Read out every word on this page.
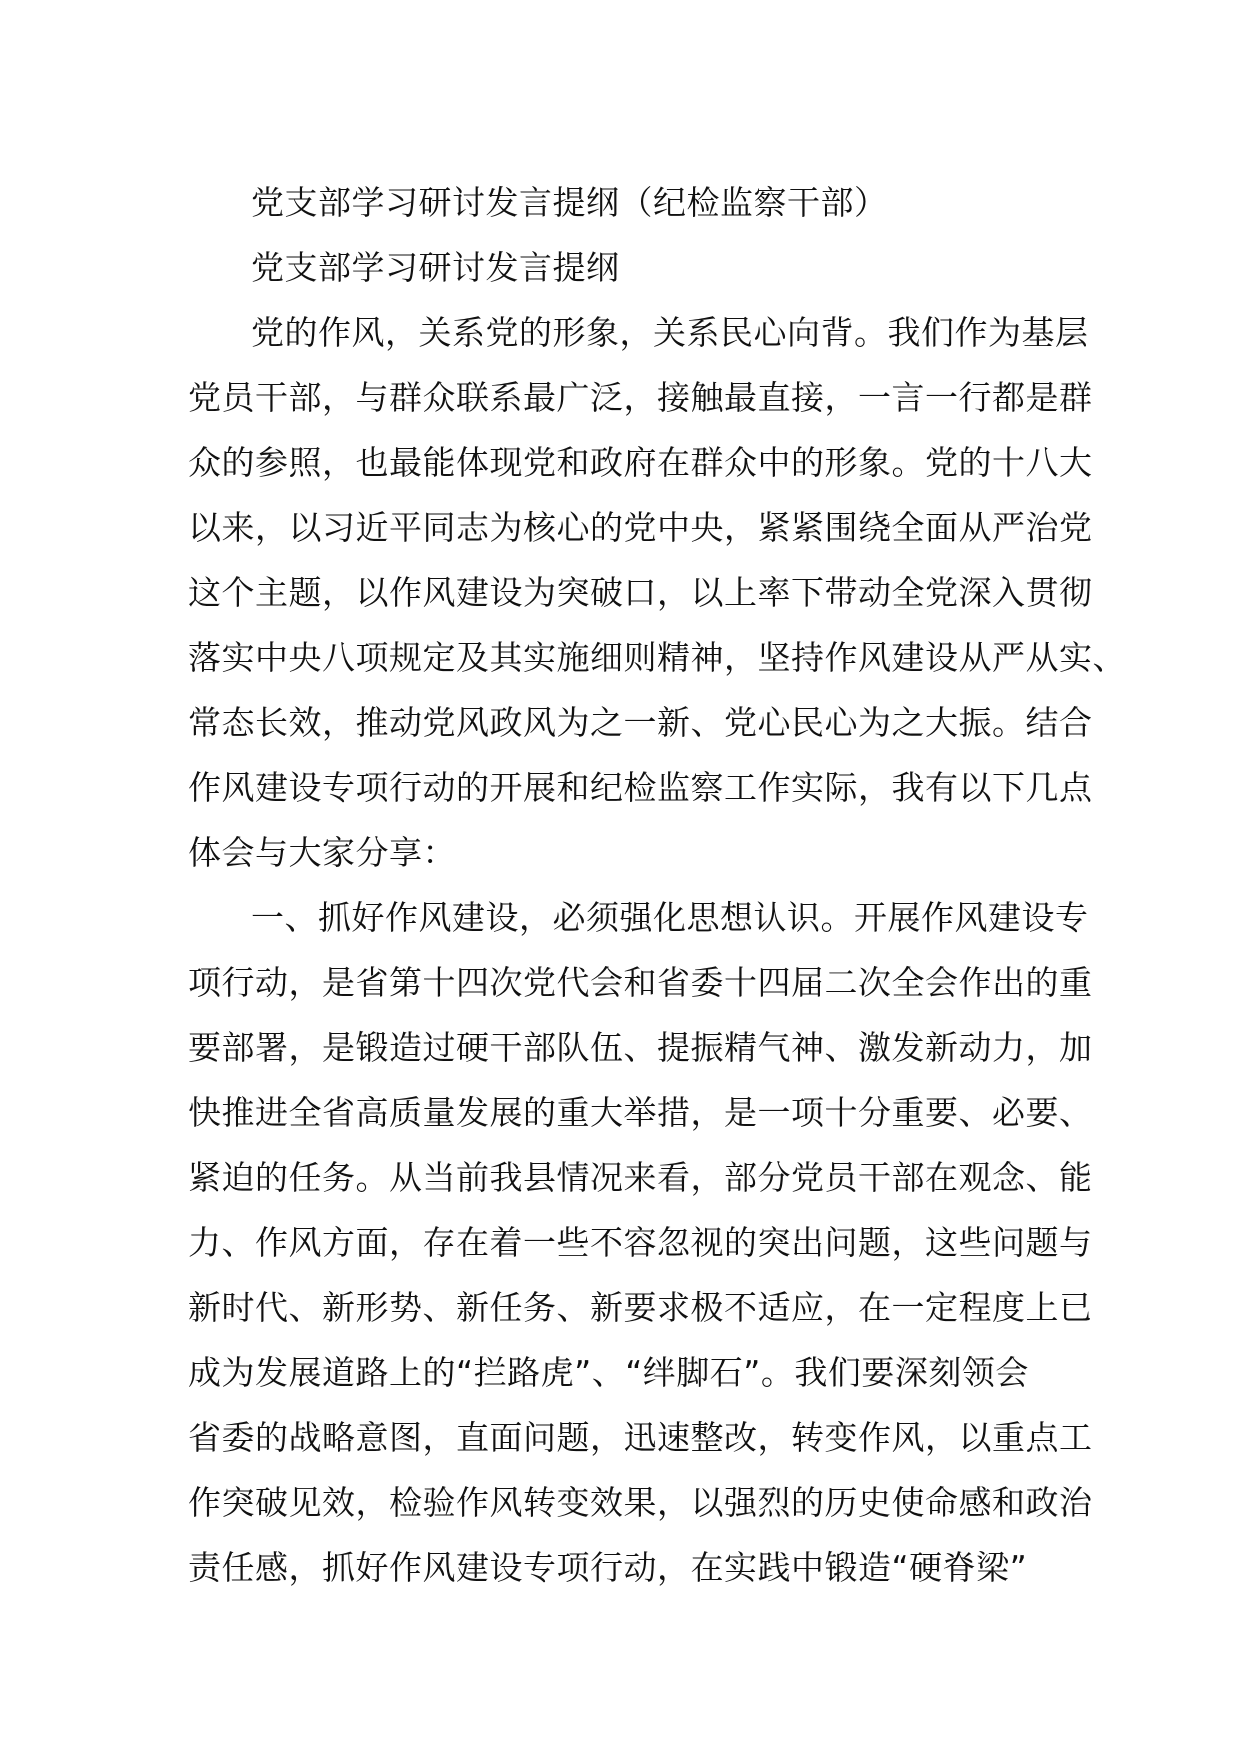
党支部学习研讨发言提纲（纪检监察干部）
党支部学习研讨发言提纲
党的作风，关系党的形象，关系民心向背。我们作为基层
党员干部，与群众联系最广泛，接触最直接，一言一行都是群
众的参照，也最能体现党和政府在群众中的形象。党的十八大
以来，以习近平同志为核心的党中央，紧紧围绕全面从严治党
这个主题，以作风建设为突破口，以上率下带动全党深入贯彻
落实中央八项规定及其实施细则精神，坚持作风建设从严从实、
常态长效，推动党风政风为之一新、党心民心为之大振。结合
作风建设专项行动的开展和纪检监察工作实际，我有以下几点
体会与大家分享：
一、抓好作风建设，必须强化思想认识。开展作风建设专
项行动，是省第十四次党代会和省委十四届二次全会作出的重
要部署，是锻造过硬干部队伍、提振精气神、激发新动力，加
快推进全省高质量发展的重大举措，是一项十分重要、必要、
紧迫的任务。从当前我县情况来看，部分党员干部在观念、能
力、作风方面，存在着一些不容忽视的突出问题，这些问题与
新时代、新形势、新任务、新要求极不适应，在一定程度上已
成为发展道路上的“拦路虎”、“绊脚石”。我们要深刻领会
省委的战略意图，直面问题，迅速整改，转变作风，以重点工
作突破见效，检验作风转变效果，以强烈的历史使命感和政治
责任感，抓好作风建设专项行动，在实践中锻造“硬脊梁”
